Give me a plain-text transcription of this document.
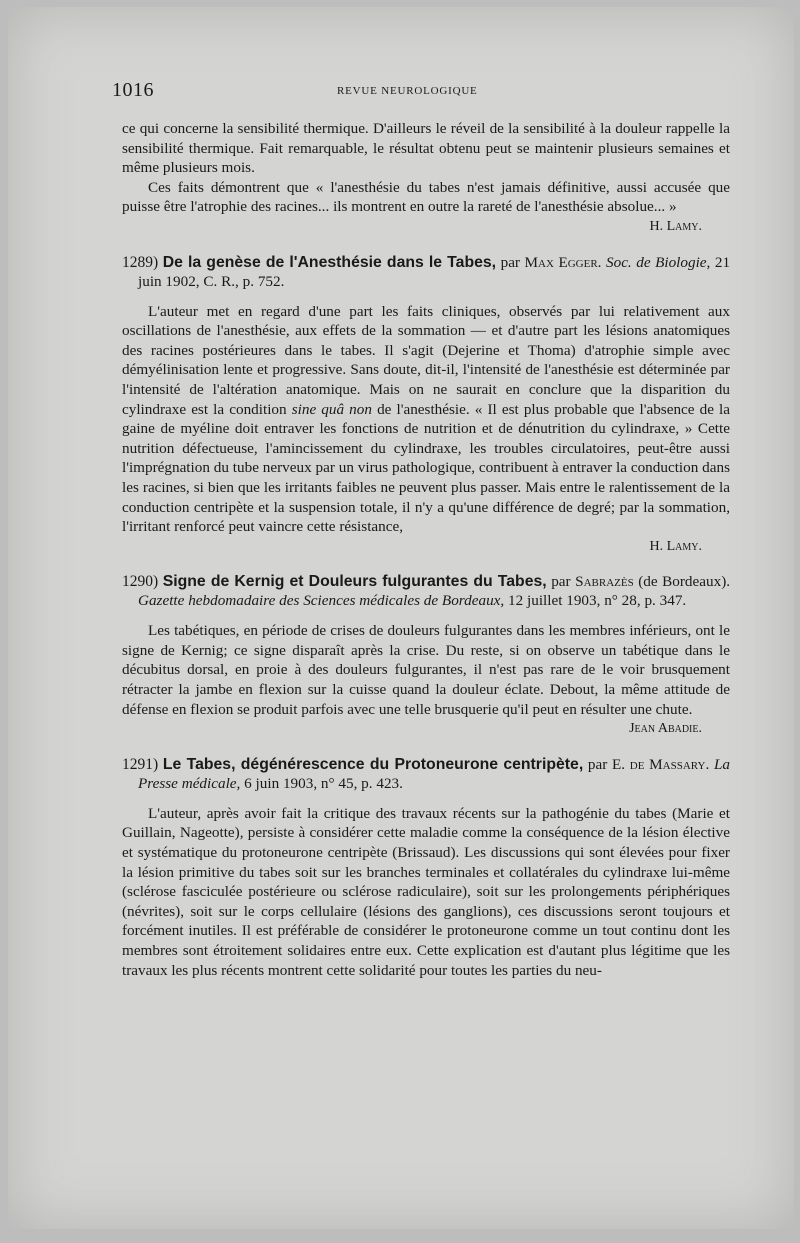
1016	REVUE NEUROLOGIQUE

ce qui concerne la sensibilité thermique. D'ailleurs le réveil de la sensibilité à la douleur rappelle la sensibilité thermique. Fait remarquable, le résultat obtenu peut se maintenir plusieurs semaines et même plusieurs mois.

Ces faits démontrent que « l'anesthésie du tabes n'est jamais définitive, aussi accusée que puisse être l'atrophie des racines... ils montrent en outre la rareté de l'anesthésie absolue... »

H. Lamy.

1289) De la genèse de l'Anesthésie dans le Tabes, par Max Egger. Soc. de Biologie, 21 juin 1902, C. R., p. 752.

L'auteur met en regard d'une part les faits cliniques, observés par lui relativement aux oscillations de l'anesthésie, aux effets de la sommation — et d'autre part les lésions anatomiques des racines postérieures dans le tabes. Il s'agit (Dejerine et Thoma) d'atrophie simple avec démyélinisation lente et progressive. Sans doute, dit-il, l'intensité de l'anesthésie est déterminée par l'intensité de l'altération anatomique. Mais on ne saurait en conclure que la disparition du cylindraxe est la condition sine quâ non de l'anesthésie. « Il est plus probable que l'absence de la gaine de myéline doit entraver les fonctions de nutrition et de dénutrition du cylindraxe, » Cette nutrition défectueuse, l'amincissement du cylindraxe, les troubles circulatoires, peut-être aussi l'imprégnation du tube nerveux par un virus pathologique, contribuent à entraver la conduction dans les racines, si bien que les irritants faibles ne peuvent plus passer. Mais entre le ralentissement de la conduction centripète et la suspension totale, il n'y a qu'une différence de degré; par la sommation, l'irritant renforcé peut vaincre cette résistance,

H. Lamy.

1290) Signe de Kernig et Douleurs fulgurantes du Tabes, par Sabrazès (de Bordeaux). Gazette hebdomadaire des Sciences médicales de Bordeaux, 12 juillet 1903, n° 28, p. 347.

Les tabétiques, en période de crises de douleurs fulgurantes dans les membres inférieurs, ont le signe de Kernig; ce signe disparaît après la crise. Du reste, si on observe un tabétique dans le décubitus dorsal, en proie à des douleurs fulgurantes, il n'est pas rare de le voir brusquement rétracter la jambe en flexion sur la cuisse quand la douleur éclate. Debout, la même attitude de défense en flexion se produit parfois avec une telle brusquerie qu'il peut en résulter une chute.

Jean Abadie.

1291) Le Tabes, dégénérescence du Protoneurone centripète, par E. de Massary. La Presse médicale, 6 juin 1903, n° 45, p. 423.

L'auteur, après avoir fait la critique des travaux récents sur la pathogénie du tabes (Marie et Guillain, Nageotte), persiste à considérer cette maladie comme la conséquence de la lésion élective et systématique du protoneurone centripète (Brissaud). Les discussions qui sont élevées pour fixer la lésion primitive du tabes soit sur les branches terminales et collatérales du cylindraxe lui-même (sclérose fasciculée postérieure ou sclérose radiculaire), soit sur les prolongements périphériques (névrites), soit sur le corps cellulaire (lésions des ganglions), ces discussions seront toujours et forcément inutiles. Il est préférable de considérer le protoneurone comme un tout continu dont les membres sont étroitement solidaires entre eux. Cette explication est d'autant plus légitime que les travaux les plus récents montrent cette solidarité pour toutes les parties du neu-
